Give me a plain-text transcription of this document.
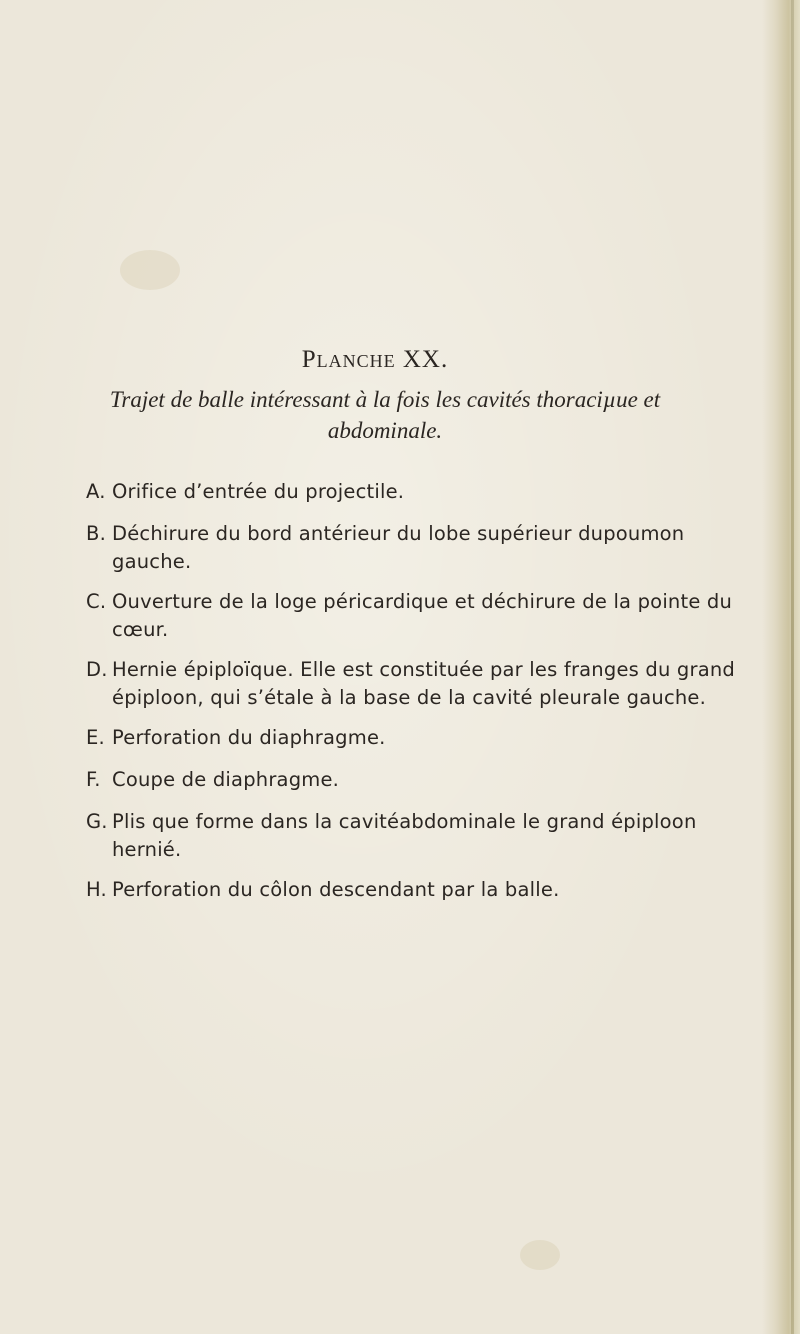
Planche XX.

Trajet de balle intéressant à la fois les cavités thoraciµue et abdominale.

A. Orifice d’entrée du projectile.
B. Déchirure du bord antérieur du lobe supérieur dupoumon gauche.
C. Ouverture de la loge péricardique et déchirure de la pointe du cœur.
D. Hernie épiploïque. Elle est constituée par les franges du grand épiploon, qui s’étale à la base de la cavité pleurale gauche.
E. Perforation du diaphragme.
F. Coupe de diaphragme.
G. Plis que forme dans la cavitéabdominale le grand épiploon hernié.
H. Perforation du côlon descendant par la balle.
